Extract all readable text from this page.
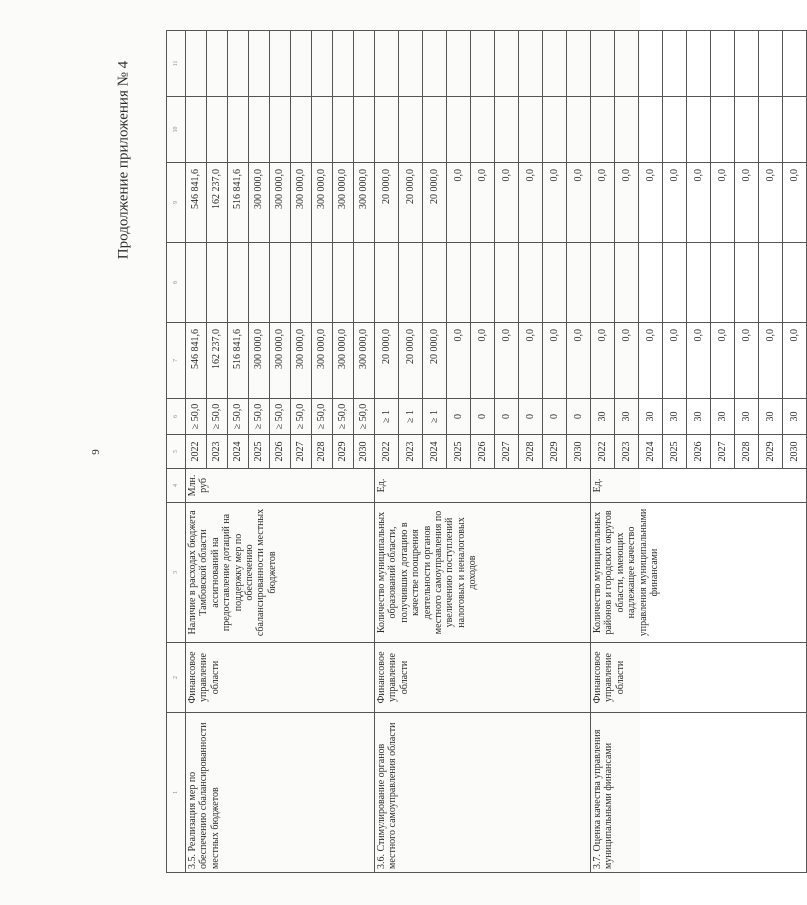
9
Продолжение приложения № 4
1	2	3	4	5	6	7	8	9	10	11
3.5. Реализация мер по обеспечению сбалансированности местных бюджетов	Финансовое управление области	Наличие в расходах бюджета Тамбовской области ассигнований на предоставление дотаций на поддержку мер по обеспечению сбалансированности местных бюджетов	Млн. руб	2022	≥ 50,0	546 841,6		546 841,6		
				2023	≥ 50,0	162 237,0		162 237,0		
				2024	≥ 50,0	516 841,6		516 841,6		
				2025	≥ 50,0	300 000,0		300 000,0		
				2026	≥ 50,0	300 000,0		300 000,0		
				2027	≥ 50,0	300 000,0		300 000,0		
				2028	≥ 50,0	300 000,0		300 000,0		
				2029	≥ 50,0	300 000,0		300 000,0		
				2030	≥ 50,0	300 000,0		300 000,0		
3.6. Стимулирование органов местного самоуправления области	Финансовое управление области	Количество муниципальных образований области, получивших дотацию в качестве поощрения деятельности органов местного самоуправления по увеличению поступлений налоговых и неналоговых доходов	Ед.	2022	≥ 1	20 000,0		20 000,0		
				2023	≥ 1	20 000,0		20 000,0		
				2024	≥ 1	20 000,0		20 000,0		
				2025	0	0,0		0,0		
				2026	0	0,0		0,0		
				2027	0	0,0		0,0		
				2028	0	0,0		0,0		
				2029	0	0,0		0,0		
				2030	0	0,0		0,0		
3.7. Оценка качества управления муниципальными финансами	Финансовое управление области	Количество муниципальных районов и городских округов области, имеющих надлежащее качество управления муниципальными финансами	Ед.	2022	30	0,0		0,0		
				2023	30	0,0		0,0		
				2024	30	0,0		0,0		
				2025	30	0,0		0,0		
				2026	30	0,0		0,0		
				2027	30	0,0		0,0		
				2028	30	0,0		0,0		
				2029	30	0,0		0,0		
				2030	30	0,0		0,0		
